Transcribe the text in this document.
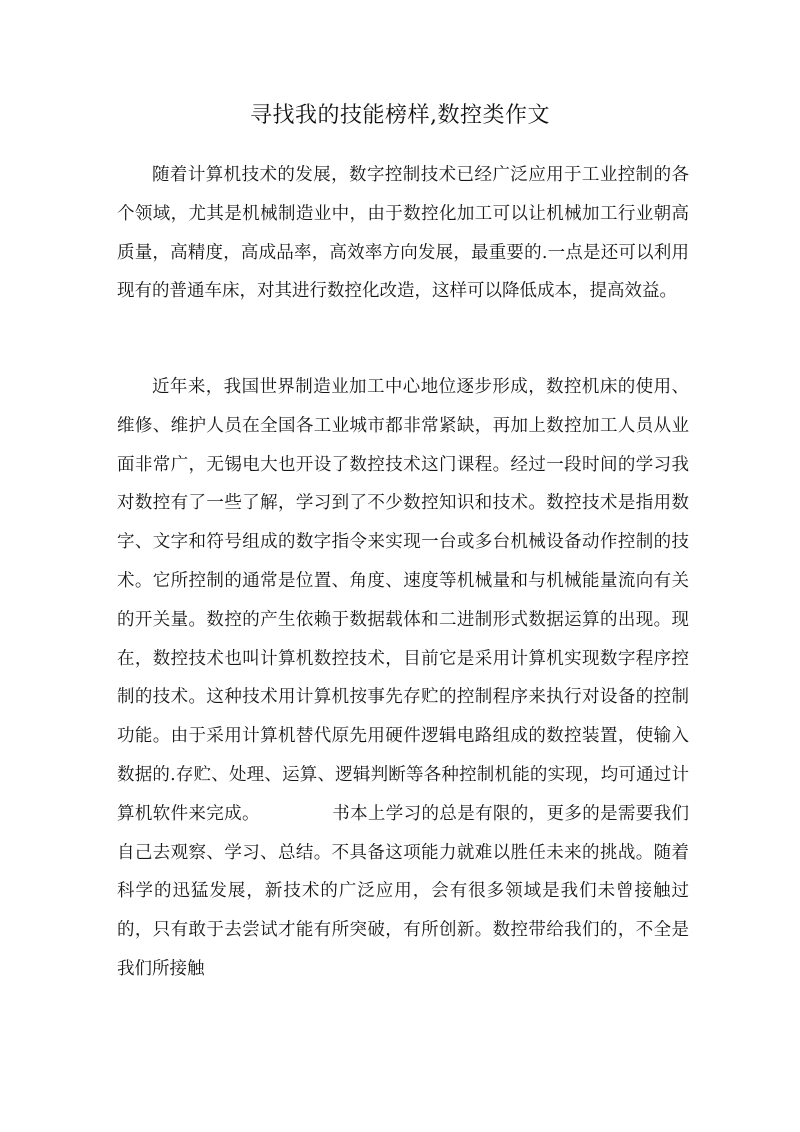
寻找我的技能榜样,数控类作文

随着计算机技术的发展，数字控制技术已经广泛应用于工业控制的各个领域，尤其是机械制造业中，由于数控化加工可以让机械加工行业朝高质量，高精度，高成品率，高效率方向发展，最重要的.一点是还可以利用现有的普通车床，对其进行数控化改造，这样可以降低成本，提高效益。

近年来，我国世界制造业加工中心地位逐步形成，数控机床的使用、维修、维护人员在全国各工业城市都非常紧缺，再加上数控加工人员从业面非常广，无锡电大也开设了数控技术这门课程。经过一段时间的学习我对数控有了一些了解，学习到了不少数控知识和技术。数控技术是指用数字、文字和符号组成的数字指令来实现一台或多台机械设备动作控制的技术。它所控制的通常是位置、角度、速度等机械量和与机械能量流向有关的开关量。数控的产生依赖于数据载体和二进制形式数据运算的出现。现在，数控技术也叫计算机数控技术，目前它是采用计算机实现数字程序控制的技术。这种技术用计算机按事先存贮的控制程序来执行对设备的控制功能。由于采用计算机替代原先用硬件逻辑电路组成的数控装置，使输入数据的.存贮、处理、运算、逻辑判断等各种控制机能的实现，均可通过计算机软件来完成。	书本上学习的总是有限的，更多的是需要我们自己去观察、学习、总结。不具备这项能力就难以胜任未来的挑战。随着科学的迅猛发展，新技术的广泛应用，会有很多领域是我们未曾接触过的，只有敢于去尝试才能有所突破，有所创新。数控带给我们的，不全是我们所接触
